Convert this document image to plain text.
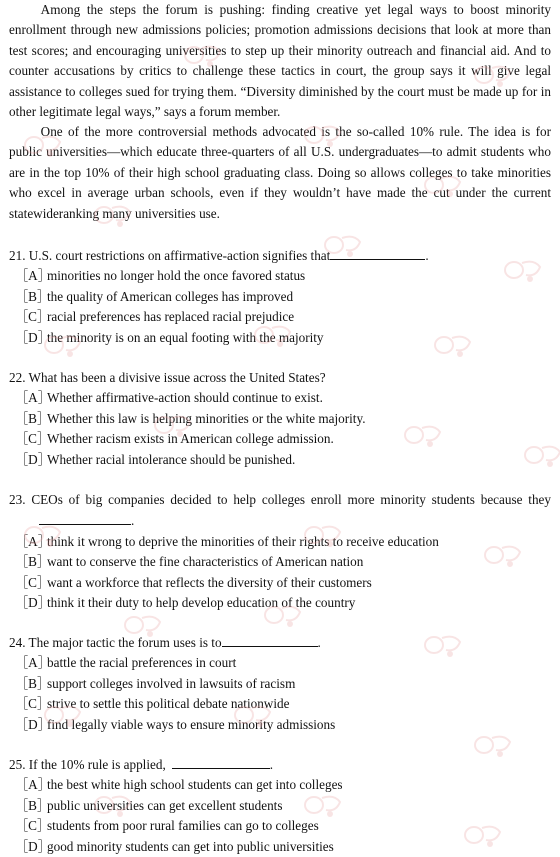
Among the steps the forum is pushing: finding creative yet legal ways to boost minority enrollment through new admissions policies; promotion admissions decisions that look at more than test scores; and encouraging universities to step up their minority outreach and financial aid. And to counter accusations by critics to challenge these tactics in court, the group says it will give legal assistance to colleges sued for trying them. “Diversity diminished by the court must be made up for in other legitimate legal ways,” says a forum member.

One of the more controversial methods advocated is the so-called 10% rule. The idea is for public universities—which educate three-quarters of all U.S. undergraduates—to admit students who are in the top 10% of their high school graduating class. Doing so allows colleges to take minorities who excel in average urban schools, even if they wouldn’t have made the cut under the current statewideranking many universities use.

21. U.S. court restrictions on affirmative-action signifies that	.

［A］minorities no longer hold the once favored status

［B］the quality of American colleges has improved

［C］racial preferences has replaced racial prejudice

［D］the minority is on an equal footing with the majority

22. What has been a divisive issue across the United States?

［A］Whether affirmative-action should continue to exist.

［B］Whether this law is helping minorities or the white majority.

［C］Whether racism exists in American college admission.

［D］Whether racial intolerance should be punished.

23. CEOs of big companies decided to help colleges enroll more minority students because they.

［A］think it wrong to deprive the minorities of their rights to receive education

［B］want to conserve the fine characteristics of American nation

［C］want a workforce that reflects the diversity of their customers

［D］think it their duty to help develop education of the country

24. The major tactic the forum uses is to	.

［A］battle the racial preferences in court

［B］support colleges involved in lawsuits of racism

［C］strive to settle this political debate nationwide

［D］find legally viable ways to ensure minority admissions

25. If the 10% rule is applied,	.

［A］the best white high school students can get into colleges

［B］public universities can get excellent students

［C］students from poor rural families can go to colleges

［D］good minority students can get into public universities
